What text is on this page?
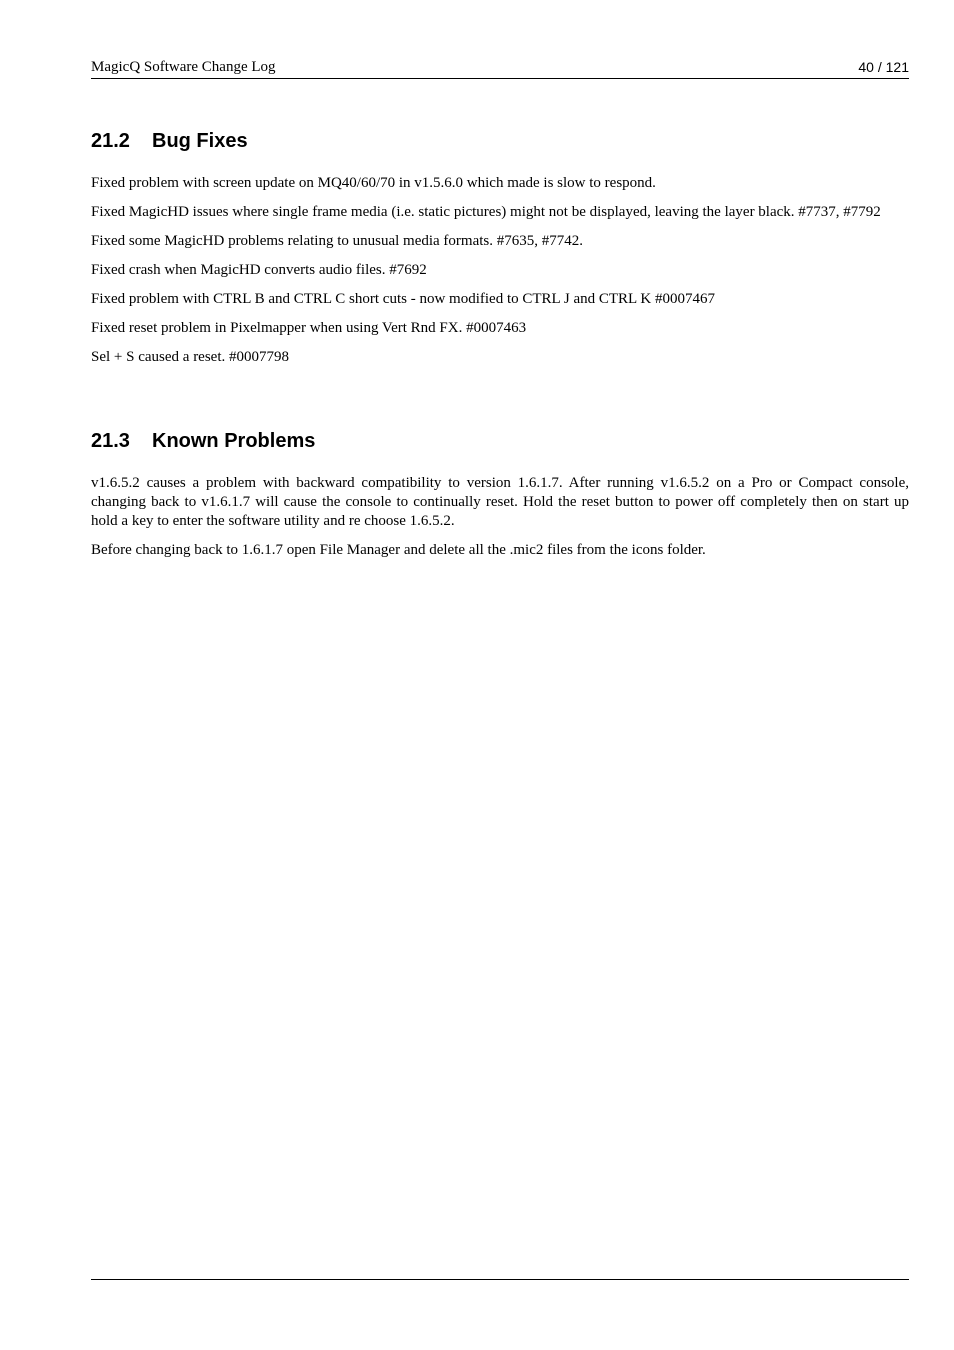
MagicQ Software Change Log	40 / 121
21.2 Bug Fixes

Fixed problem with screen update on MQ40/60/70 in v1.5.6.0 which made is slow to respond.

Fixed MagicHD issues where single frame media (i.e. static pictures) might not be displayed, leaving the layer black. #7737, #7792

Fixed some MagicHD problems relating to unusual media formats. #7635, #7742.

Fixed crash when MagicHD converts audio files. #7692

Fixed problem with CTRL B and CTRL C short cuts - now modified to CTRL J and CTRL K #0007467

Fixed reset problem in Pixelmapper when using Vert Rnd FX. #0007463

Sel + S caused a reset. #0007798

21.3 Known Problems

v1.6.5.2 causes a problem with backward compatibility to version 1.6.1.7. After running v1.6.5.2 on a Pro or Compact console, changing back to v1.6.1.7 will cause the console to continually reset. Hold the reset button to power off completely then on start up hold a key to enter the software utility and re choose 1.6.5.2.

Before changing back to 1.6.1.7 open File Manager and delete all the .mic2 files from the icons folder.
